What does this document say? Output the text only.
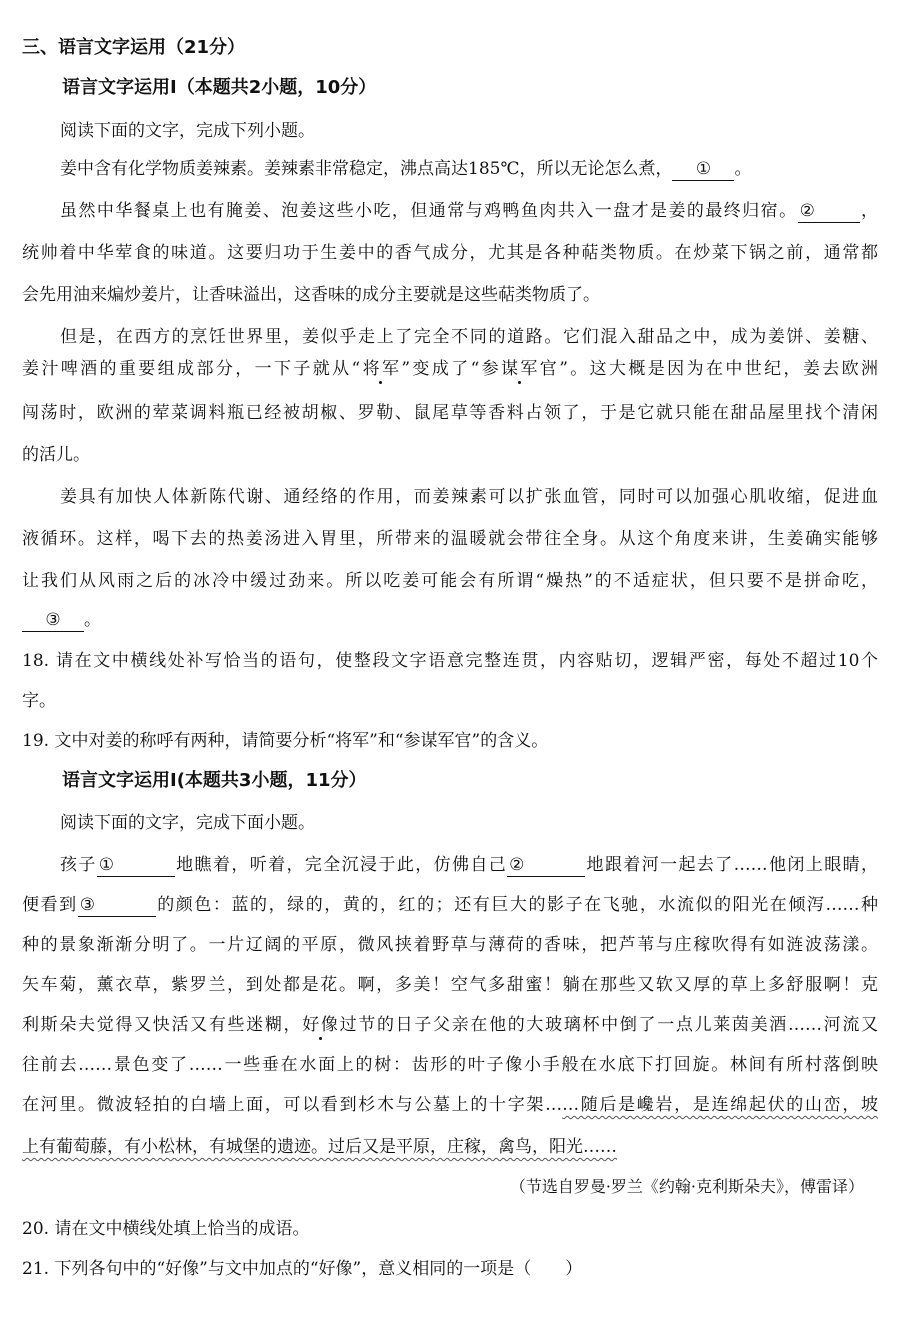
三、语言文字运用（21分）
语言文字运用Ⅰ（本题共2小题，10分）
阅读下面的文字，完成下列小题。
姜中含有化学物质姜辣素。姜辣素非常稳定，沸点高达185℃，所以无论怎么煮， ① 。
虽然中华餐桌上也有腌姜、泡姜这些小吃，但通常与鸡鸭鱼肉共入一盘才是姜的最终归宿。 ②	，
统帅着中华荤食的味道。这要归功于生姜中的香气成分，尤其是各种萜类物质。在炒菜下锅之前，通常都
会先用油来煸炒姜片，让香味溢出，这香味的成分主要就是这些萜类物质了。
但是，在西方的烹饪世界里，姜似乎走上了完全不同的道路。它们混入甜品之中，成为姜饼、姜糖、
姜汁啤酒的重要组成部分，一下子就从“将军”变成了“参谋军官”。这大概是因为在中世纪，姜去欧洲
闯荡时，欧洲的荤菜调料瓶已经被胡椒、罗勒、鼠尾草等香料占领了，于是它就只能在甜品屋里找个清闲
的活儿。
姜具有加快人体新陈代谢、通经络的作用，而姜辣素可以扩张血管，同时可以加强心肌收缩，促进血
液循环。这样，喝下去的热姜汤进入胃里，所带来的温暖就会带往全身。从这个角度来讲，生姜确实能够
让我们从风雨之后的冰冷中缓过劲来。所以吃姜可能会有所谓“燥热”的不适症状，但只要不是拼命吃，
③ 。
18. 请在文中横线处补写恰当的语句，使整段文字语意完整连贯，内容贴切，逻辑严密，每处不超过10个
字。
19. 文中对姜的称呼有两种，请简要分析“将军”和“参谋军官”的含义。
语言文字运用Ⅰ(本题共3小题，11分）
阅读下面的文字，完成下面小题。
孩子 ①	地瞧着，听着，完全沉浸于此，仿佛自己 ②	地跟着河一起去了……他闭上眼睛，
便看到 ③	的颜色：蓝的，绿的，黄的，红的；还有巨大的影子在飞驰，水流似的阳光在倾泻……种
种的景象渐渐分明了。一片辽阔的平原，微风挟着野草与薄荷的香味，把芦苇与庄稼吹得有如涟波荡漾。
矢车菊，薰衣草，紫罗兰，到处都是花。啊，多美！空气多甜蜜！躺在那些又软又厚的草上多舒服啊！克
利斯朵夫觉得又快活又有些迷糊，好像过节的日子父亲在他的大玻璃杯中倒了一点儿莱茵美酒……河流又
往前去……景色变了……一些垂在水面上的树：齿形的叶子像小手般在水底下打回旋。林间有所村落倒映
在河里。微波轻拍的白墙上面，可以看到杉木与公墓上的十字架……随后是巉岩，是连绵起伏的山峦，坡
上有葡萄藤，有小松林，有城堡的遗迹。过后又是平原，庄稼，禽鸟，阳光……
（节选自罗曼·罗兰《约翰·克利斯朵夫》，傅雷译）
20. 请在文中横线处填上恰当的成语。
21. 下列各句中的“好像”与文中加点的“好像”，意义相同的一项是（　　）
